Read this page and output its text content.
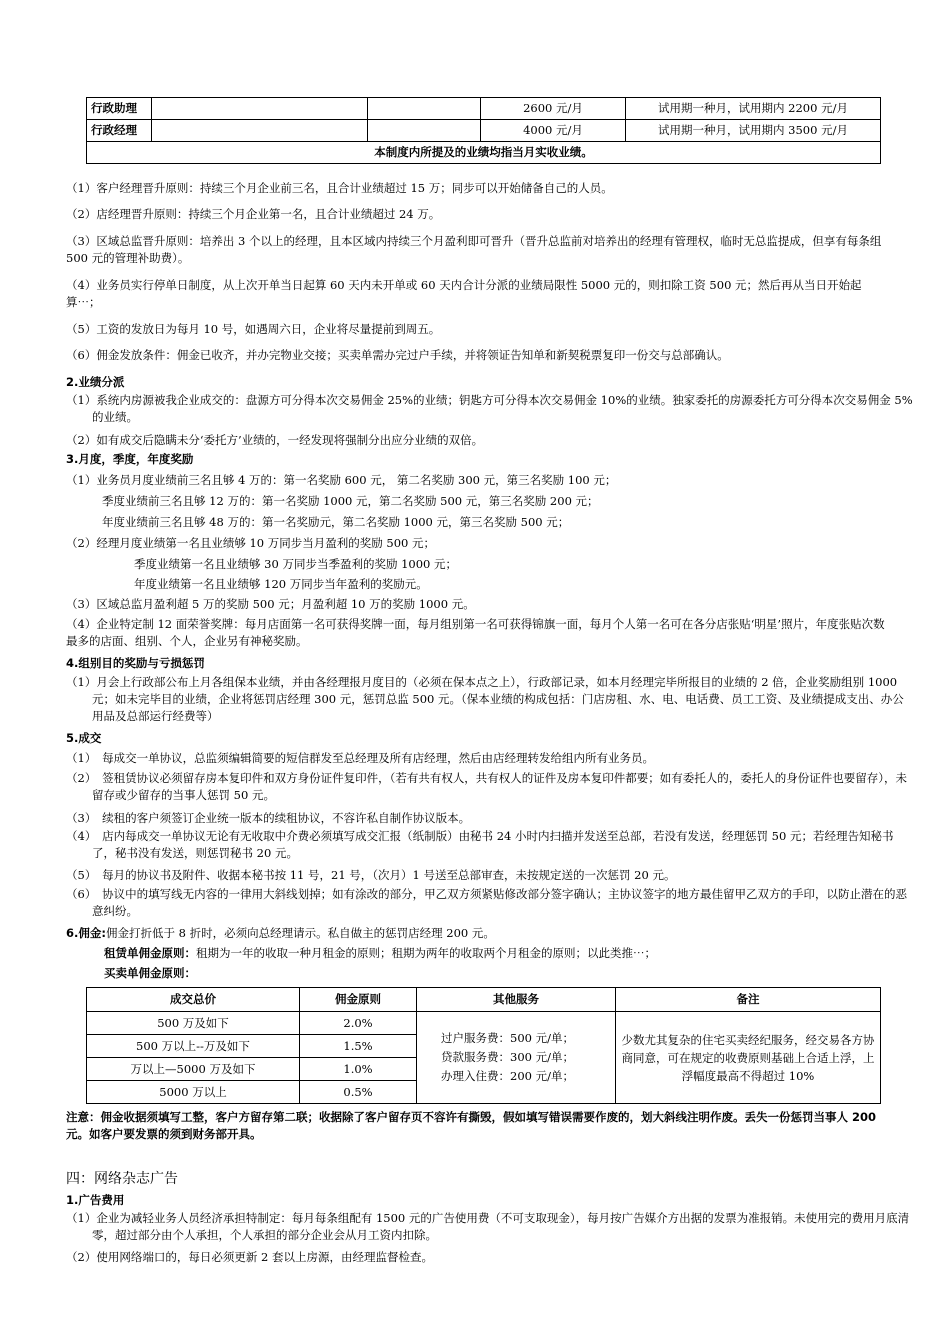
行政助理			2600 元/月	试用期一种月，试用期内 2200 元/月
行政经理			4000 元/月	试用期一种月，试用期内 3500 元/月
本制度内所提及的业绩均指当月实收业绩。				
（1）客户经理晋升原则：持续三个月企业前三名，且合计业绩超过 15 万；同步可以开始储备自己的人员。
（2）店经理晋升原则：持续三个月企业第一名，且合计业绩超过 24 万。
（3）区域总监晋升原则：培养出 3 个以上的经理，且本区域内持续三个月盈利即可晋升（晋升总监前对培养出的经理有管理权，临时无总监提成，但享有每条组 500 元的管理补助费）。
（4）业务员实行停单日制度，从上次开单当日起算 60 天内未开单或 60 天内合计分派的业绩局限性 5000 元的，则扣除工资 500 元；然后再从当日开始起算⋯；
（5）工资的发放日为每月 10 号，如遇周六日，企业将尽量提前到周五。
（6）佣金发放条件：佣金已收齐，并办完物业交接；买卖单需办完过户手续，并将领证告知单和新契税票复印一份交与总部确认。
2.业绩分派
（1）系统内房源被我企业成交的：盘源方可分得本次交易佣金 25%的业绩；钥匙方可分得本次交易佣金 10%的业绩。独家委托的房源委托方可分得本次交易佣金 5%的业绩。
（2）如有成交后隐瞒未分‘委托方’业绩的，一经发现将强制分出应分业绩的双倍。
3.月度，季度，年度奖励
（1）业务员月度业绩前三名且够 4 万的：第一名奖励 600 元， 第二名奖励 300 元，第三名奖励 100 元；
季度业绩前三名且够 12 万的：第一名奖励 1000 元，第二名奖励 500 元，第三名奖励 200 元；
年度业绩前三名且够 48 万的：第一名奖励元，第二名奖励 1000 元，第三名奖励 500 元；
（2）经理月度业绩第一名且业绩够 10 万同步当月盈利的奖励 500 元；
季度业绩第一名且业绩够 30 万同步当季盈利的奖励 1000 元；
年度业绩第一名且业绩够 120 万同步当年盈利的奖励元。
（3）区域总监月盈利超 5 万的奖励 500 元；月盈利超 10 万的奖励 1000 元。
（4）企业特定制 12 面荣誉奖牌：每月店面第一名可获得奖牌一面，每月组别第一名可获得锦旗一面，每月个人第一名可在各分店张贴‘明星’照片，年度张贴次数最多的店面、组别、个人，企业另有神秘奖励。
4.组别目的奖励与亏损惩罚
（1）月会上行政部公布上月各组保本业绩，并由各经理报月度目的（必须在保本点之上），行政部记录，如本月经理完毕所报目的业绩的 2 倍，企业奖励组别 1000 元；如未完毕目的业绩，企业将惩罚店经理 300 元，惩罚总监 500 元。（保本业绩的构成包括：门店房租、水、电、电话费、员工工资、及业绩提成支出、办公用品及总部运行经费等）
5.成交
（1）　每成交一单协议，总监须编辑简要的短信群发至总经理及所有店经理，然后由店经理转发给组内所有业务员。
（2）　签租赁协议必须留存房本复印件和双方身份证件复印件，（若有共有权人，共有权人的证件及房本复印件都要；如有委托人的，委托人的身份证件也要留存），未留存或少留存的当事人惩罚 50 元。
（3）　续租的客户须签订企业统一版本的续租协议，不容许私自制作协议版本。
（4）　店内每成交一单协议无论有无收取中介费必须填写成交汇报（纸制版）由秘书 24 小时内扫描并发送至总部，若没有发送，经理惩罚 50 元；若经理告知秘书了，秘书没有发送，则惩罚秘书 20 元。
（5）　每月的协议书及附件、收据本秘书按 11 号，21 号，（次月）1 号送至总部审查，未按规定送的一次惩罚 20 元。
（6）　协议中的填写线无内容的一律用大斜线划掉；如有涂改的部分，甲乙双方须紧贴修改部分签字确认；主协议签字的地方最佳留甲乙双方的手印，以防止潜在的恶意纠纷。
6.佣金:佣金打折低于 8 折时，必须向总经理请示。私自做主的惩罚店经理 200 元。
租赁单佣金原则：租期为一年的收取一种月租金的原则；租期为两年的收取两个月租金的原则；以此类推⋯；
买卖单佣金原则：
成交总价	佣金原则	其他服务	备注
500 万及如下	2.0%	过户服务费：500 元/单；
贷款服务费：300 元/单；
办理入住费：200 元/单；	少数尤其复杂的住宅买卖经纪服务，经交易各方协商同意，可在规定的收费原则基础上合适上浮，上浮幅度最高不得超过 10%
500 万以上--万及如下	1.5%		
万以上—5000 万及如下	1.0%		
5000 万以上	0.5%		
注意：佣金收据须填写工整，客户方留存第二联；收据除了客户留存页不容许有撕毁，假如填写错误需要作废的，划大斜线注明作废。丢失一份惩罚当事人 200 元。如客户要发票的须到财务部开具。
四：网络杂志广告
1.广告费用
（1）企业为减轻业务人员经济承担特制定：每月每条组配有 1500 元的广告使用费（不可支取现金），每月按广告媒介方出据的发票为准报销。未使用完的费用月底清零，超过部分由个人承担，个人承担的部分企业会从月工资内扣除。
（2）使用网络端口的，每日必须更新 2 套以上房源，由经理监督检查。
